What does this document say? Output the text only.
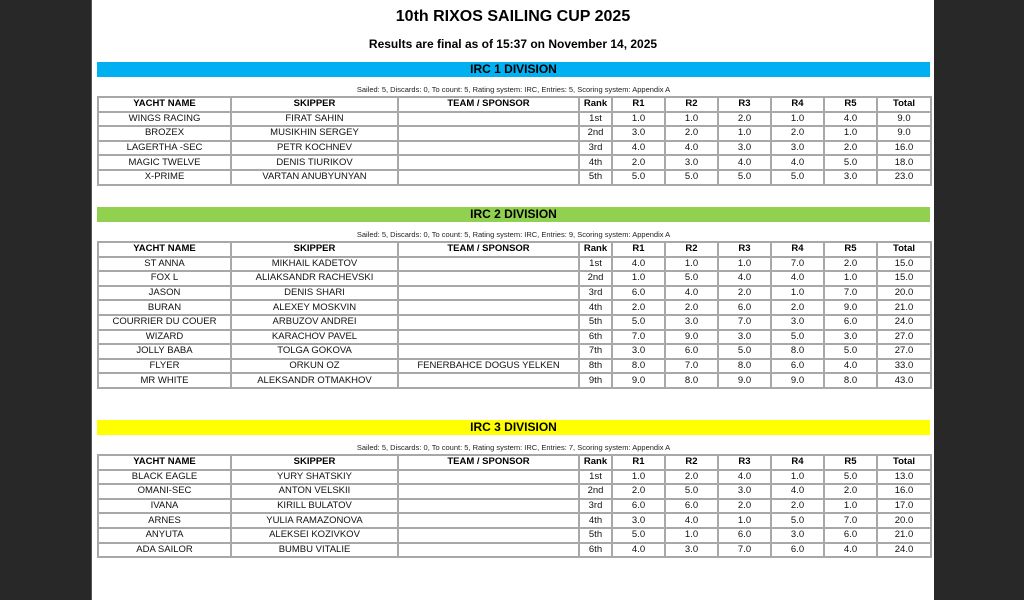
10th RIXOS SAILING CUP 2025
Results are final as of 15:37 on November 14, 2025
IRC 1 DIVISION
Sailed: 5, Discards: 0, To count: 5, Rating system: IRC, Entries: 5, Scoring system: Appendix A
YACHT NAME	SKIPPER	TEAM / SPONSOR	Rank	R1	R2	R3	R4	R5	Total
WINGS RACING	FIRAT SAHIN		1st	1.0	1.0	2.0	1.0	4.0	9.0
BROZEX	MUSIKHIN SERGEY		2nd	3.0	2.0	1.0	2.0	1.0	9.0
LAGERTHA -SEC	PETR KOCHNEV		3rd	4.0	4.0	3.0	3.0	2.0	16.0
MAGIC TWELVE	DENIS TIURIKOV		4th	2.0	3.0	4.0	4.0	5.0	18.0
X-PRIME	VARTAN ANUBYUNYAN		5th	5.0	5.0	5.0	5.0	3.0	23.0
IRC 2 DIVISION
Sailed: 5, Discards: 0, To count: 5, Rating system: IRC, Entries: 9, Scoring system: Appendix A
YACHT NAME	SKIPPER	TEAM / SPONSOR	Rank	R1	R2	R3	R4	R5	Total
ST ANNA	MIKHAIL KADETOV		1st	4.0	1.0	1.0	7.0	2.0	15.0
FOX L	ALIAKSANDR RACHEVSKI		2nd	1.0	5.0	4.0	4.0	1.0	15.0
JASON	DENIS SHARI		3rd	6.0	4.0	2.0	1.0	7.0	20.0
BURAN	ALEXEY MOSKVIN		4th	2.0	2.0	6.0	2.0	9.0	21.0
COURRIER DU COUER	ARBUZOV ANDREI		5th	5.0	3.0	7.0	3.0	6.0	24.0
WIZARD	KARACHOV PAVEL		6th	7.0	9.0	3.0	5.0	3.0	27.0
JOLLY BABA	TOLGA GOKOVA		7th	3.0	6.0	5.0	8.0	5.0	27.0
FLYER	ORKUN OZ	FENERBAHCE DOGUS YELKEN	8th	8.0	7.0	8.0	6.0	4.0	33.0
MR WHITE	ALEKSANDR OTMAKHOV		9th	9.0	8.0	9.0	9.0	8.0	43.0
IRC 3 DIVISION
Sailed: 5, Discards: 0, To count: 5, Rating system: IRC, Entries: 7, Scoring system: Appendix A
YACHT NAME	SKIPPER	TEAM / SPONSOR	Rank	R1	R2	R3	R4	R5	Total
BLACK EAGLE	YURY SHATSKIY		1st	1.0	2.0	4.0	1.0	5.0	13.0
OMANI-SEC	ANTON VELSKII		2nd	2.0	5.0	3.0	4.0	2.0	16.0
IVANA	KIRILL BULATOV		3rd	6.0	6.0	2.0	2.0	1.0	17.0
ARNES	YULIA RAMAZONOVA		4th	3.0	4.0	1.0	5.0	7.0	20.0
ANYUTA	ALEKSEI KOZIVKOV		5th	5.0	1.0	6.0	3.0	6.0	21.0
ADA SAILOR	BUMBU VITALIE		6th	4.0	3.0	7.0	6.0	4.0	24.0
